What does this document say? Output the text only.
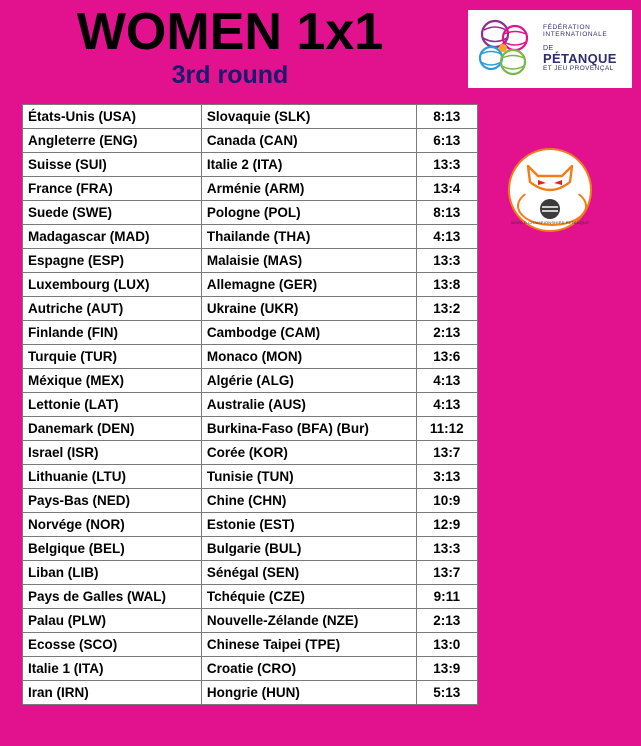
WOMEN 1x1
3rd round
FÉDÉRATION
INTERNATIONALE
DE PÉTANQUE
ET JEU PROVENÇAL
WORLD CHAMPIONSHIPS PETANQUE
États-Unis (USA)	Slovaquie (SLK)	8:13
Angleterre (ENG)	Canada (CAN)	6:13
Suisse (SUI)	Italie 2 (ITA)	13:3
France (FRA)	Arménie (ARM)	13:4
Suede (SWE)	Pologne (POL)	8:13
Madagascar (MAD)	Thailande (THA)	4:13
Espagne (ESP)	Malaisie (MAS)	13:3
Luxembourg (LUX)	Allemagne (GER)	13:8
Autriche (AUT)	Ukraine (UKR)	13:2
Finlande (FIN)	Cambodge (CAM)	2:13
Turquie (TUR)	Monaco (MON)	13:6
Méxique (MEX)	Algérie (ALG)	4:13
Lettonie (LAT)	Australie (AUS)	4:13
Danemark (DEN)	Burkina-Faso (BFA) (Bur)	11:12
Israel (ISR)	Corée (KOR)	13:7
Lithuanie (LTU)	Tunisie (TUN)	3:13
Pays-Bas (NED)	Chine (CHN)	10:9
Norvége (NOR)	Estonie (EST)	12:9
Belgique (BEL)	Bulgarie (BUL)	13:3
Liban (LIB)	Sénégal (SEN)	13:7
Pays de Galles (WAL)	Tchéquie (CZE)	9:11
Palau (PLW)	Nouvelle-Zélande (NZE)	2:13
Ecosse (SCO)	Chinese Taipei (TPE)	13:0
Italie 1 (ITA)	Croatie (CRO)	13:9
Iran (IRN)	Hongrie (HUN)	5:13
